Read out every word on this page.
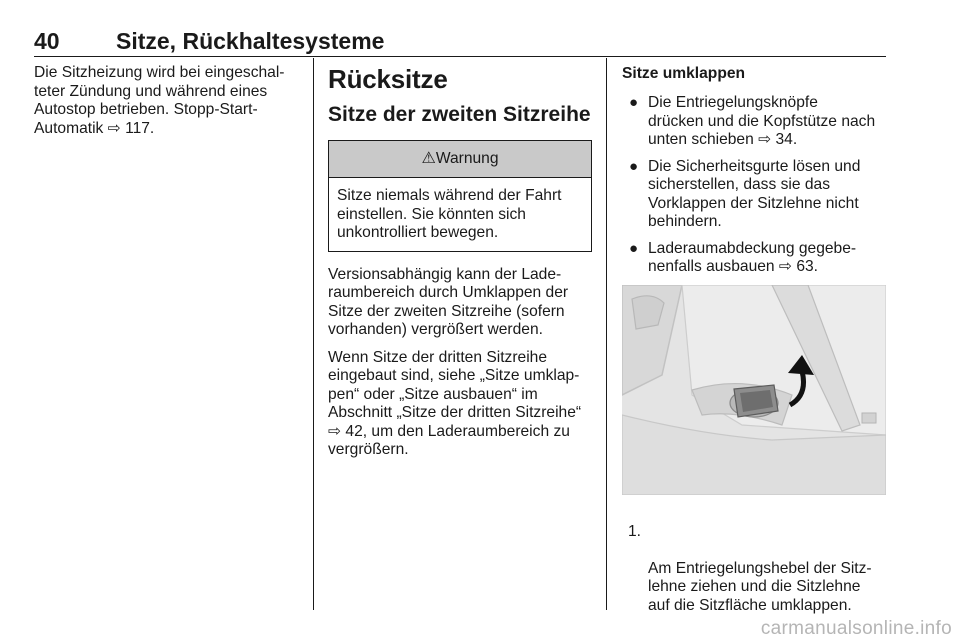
40 Sitze, Rückhaltesysteme

Die Sitzheizung wird bei eingeschal-
teter Zündung und während eines
Autostop betrieben. Stopp-Start-
Automatik ⇨ 117.

Rücksitze
Sitze der zweiten Sitzreihe
⚠Warnung

Sitze niemals während der Fahrt
einstellen. Sie könnten sich
unkontrolliert bewegen.

Versionsabhängig kann der Lade-
raumbereich durch Umklappen der
Sitze der zweiten Sitzreihe (sofern
vorhanden) vergrößert werden.

Wenn Sitze der dritten Sitzreihe
eingebaut sind, siehe „Sitze umklap-
pen“ oder „Sitze ausbauen“ im
Abschnitt „Sitze der dritten Sitzreihe“
⇨ 42, um den Laderaumbereich zu
vergrößern.

Sitze umklappen
● Die Entriegelungsknöpfe
drücken und die Kopfstütze nach
unten schieben ⇨ 34.
● Die Sicherheitsgurte lösen und
sicherstellen, dass sie das
Vorklappen der Sitzlehne nicht
behindern.
● Laderaumabdeckung gegebe-
nenfalls ausbauen ⇨ 63.

1.

Am Entriegelungshebel der Sitz-
lehne ziehen und die Sitzlehne
auf die Sitzfläche umklappen.

carmanualsonline.info
